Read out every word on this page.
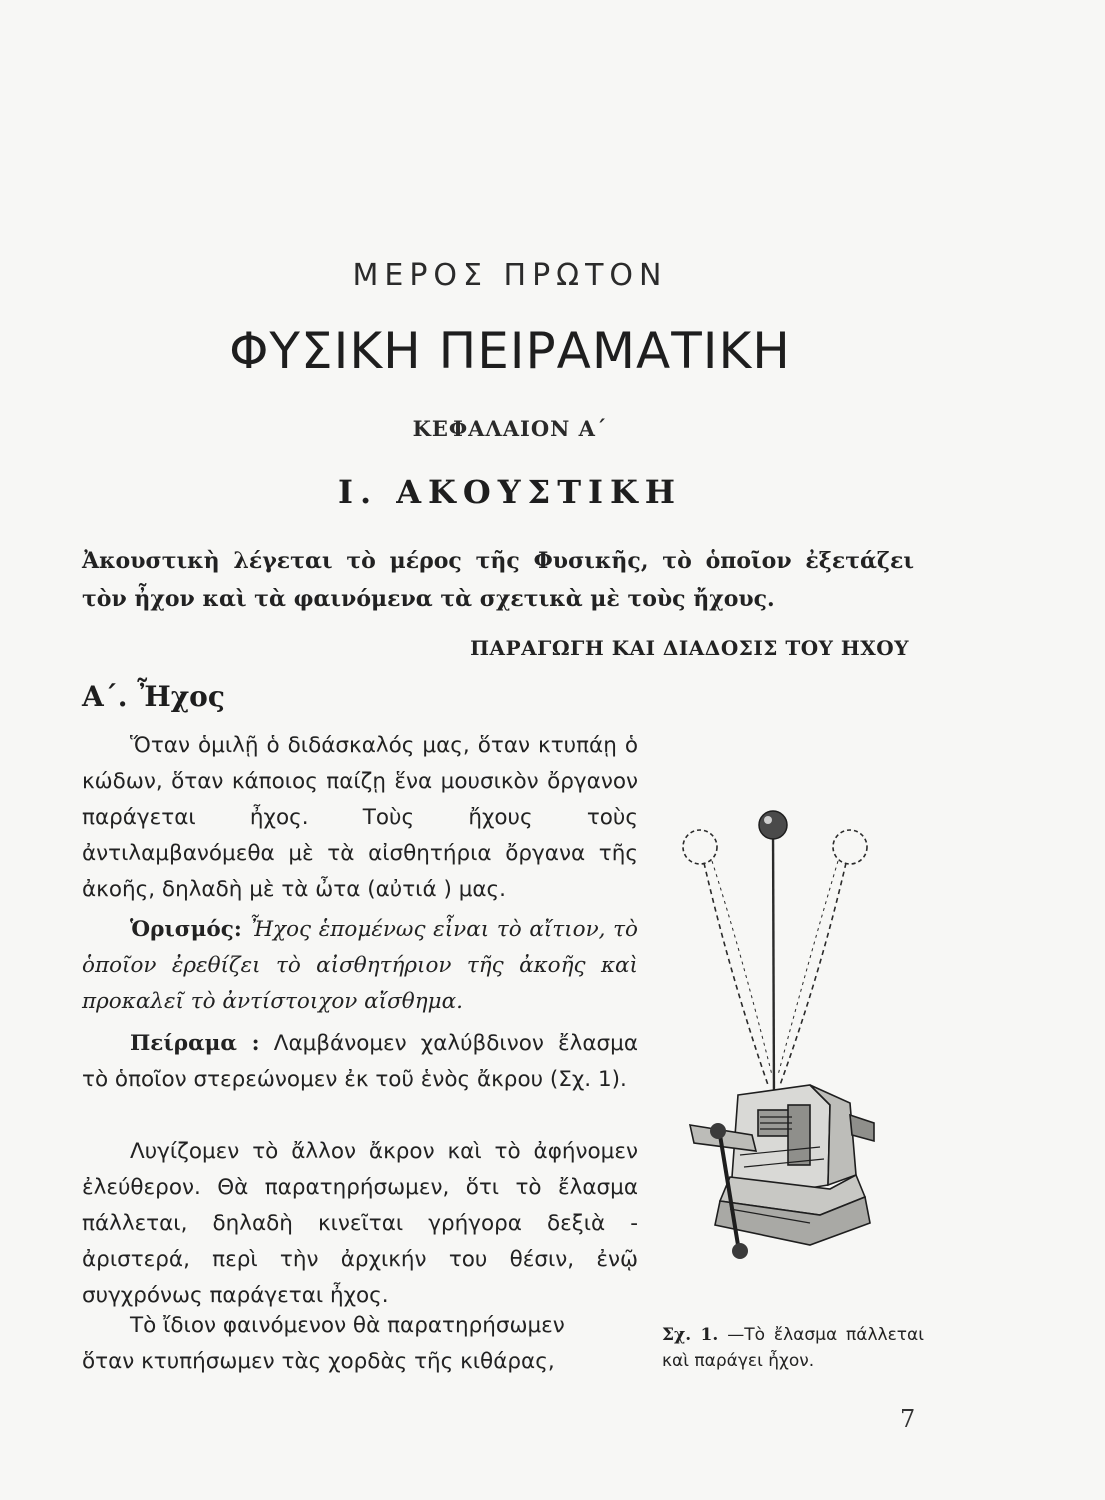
ΜΕΡΟΣ ΠΡΩΤΟΝ
ΦΥΣΙΚΗ ΠΕΙΡΑΜΑΤΙΚΗ
ΚΕΦΑΛΑΙΟΝ Α΄
Ι. ΑΚΟΥΣΤΙΚΗ
Ἀκουστικὴ λέγεται τὸ μέρος τῆς Φυσικῆς, τὸ ὁποῖον ἐξετάζει τὸν ἦχον καὶ τὰ φαινόμενα τὰ σχετικὰ μὲ τοὺς ἤχους.
ΠΑΡΑΓΩΓΗ ΚΑΙ ΔΙΑΔΟΣΙΣ ΤΟΥ ΗΧΟΥ
Α΄. Ἦχος
Ὅταν ὁμιλῇ ὁ διδάσκαλός μας, ὅταν κτυπάῃ ὁ κώδων, ὅταν κάποιος παίζῃ ἕνα μουσικὸν ὄργανον παράγεται ἦχος. Τοὺς ἤχους τοὺς ἀντιλαμβανόμεθα μὲ τὰ αἰσθητήρια ὄργανα τῆς ἀκοῆς, δηλαδὴ μὲ τὰ ὦτα (αὐτιά ) μας.
Ὁρισμός: Ἦχος ἑπομένως εἶναι τὸ αἴτιον, τὸ ὁποῖον ἐρεθίζει τὸ αἰσθητήριον τῆς ἀκοῆς καὶ προκαλεῖ τὸ ἀντίστοιχον αἴσθημα.
Πείραμα : Λαμβάνομεν χαλύβδινον ἔλασμα τὸ ὁποῖον στερεώνομεν ἐκ τοῦ ἑνὸς ἄκρου (Σχ. 1).
Λυγίζομεν τὸ ἄλλον ἄκρον καὶ τὸ ἀφήνομεν ἐλεύθερον. Θὰ παρατηρήσωμεν, ὅτι τὸ ἔλασμα πάλλεται, δηλαδὴ κινεῖται γρήγορα δεξιὰ - ἀριστερά, περὶ τὴν ἀρχικήν του θέσιν, ἐνῷ συγχρόνως παράγεται ἦχος.
Τὸ ἴδιον φαινόμενον θὰ παρατηρήσωμεν
ὅταν κτυπήσωμεν τὰς χορδὰς τῆς κιθάρας,
Σχ. 1. —Τὸ ἔλασμα πάλλεται καὶ παράγει ἦχον.
7
